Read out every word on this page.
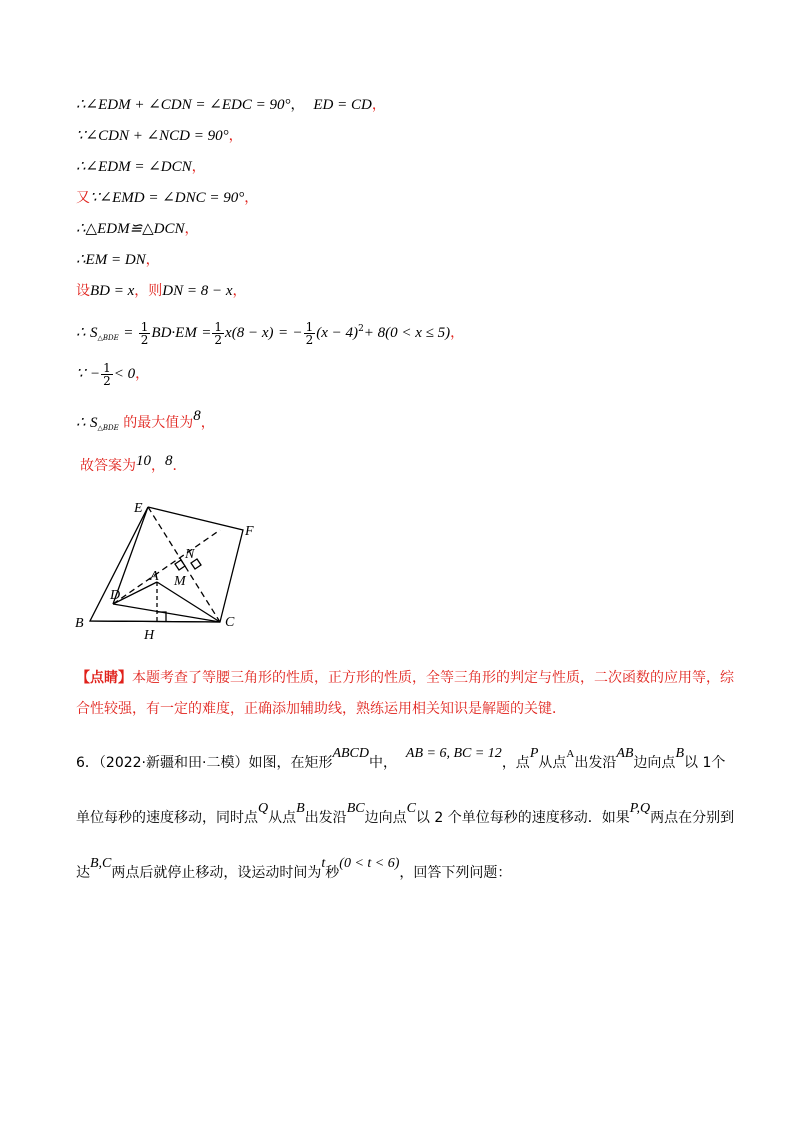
∴∠EDM + ∠CDN = ∠EDC = 90°， ED = CD，
∵∠CDN + ∠NCD = 90°，
∴∠EDM = ∠DCN，
又∵∠EMD = ∠DNC = 90°，
∴△EDM≌△DCN，
∴EM = DN，
设BD = x，则DN = 8 − x，
∴ $S_{\triangle BDE} = \frac{1}{2} BD\cdot EM = \frac{1}{2} x(8 - x)$ = − $\frac{1}{2} (x - 4)^2+ 8(0 < x \le 5)$，
∵ − $\frac{1}{2} < 0$，
∴ $S_{\triangle BDE}$ 的最大值为8，
故答案为10，8．
E
F
N
A M
D
B	C
H
【点睛】本题考查了等腰三角形的性质，正方形的性质，全等三角形的判定与性质，二次函数的应用等，综合性较强，有一定的难度，正确添加辅助线，熟练运用相关知识是解题的关键．
6．（2022·新疆和田·二模）如图，在矩形ABCD中，  AB = 6, BC = 12，点P从点$^A$出发沿AB边向点B以 1个单位每秒的速度移动，同时点Q从点B出发沿BC边向点C以 2 个单位每秒的速度移动．如果P,Q两点在分别到达B,C两点后就停止移动，设运动时间为t秒(0 < t < 6)，回答下列问题：
